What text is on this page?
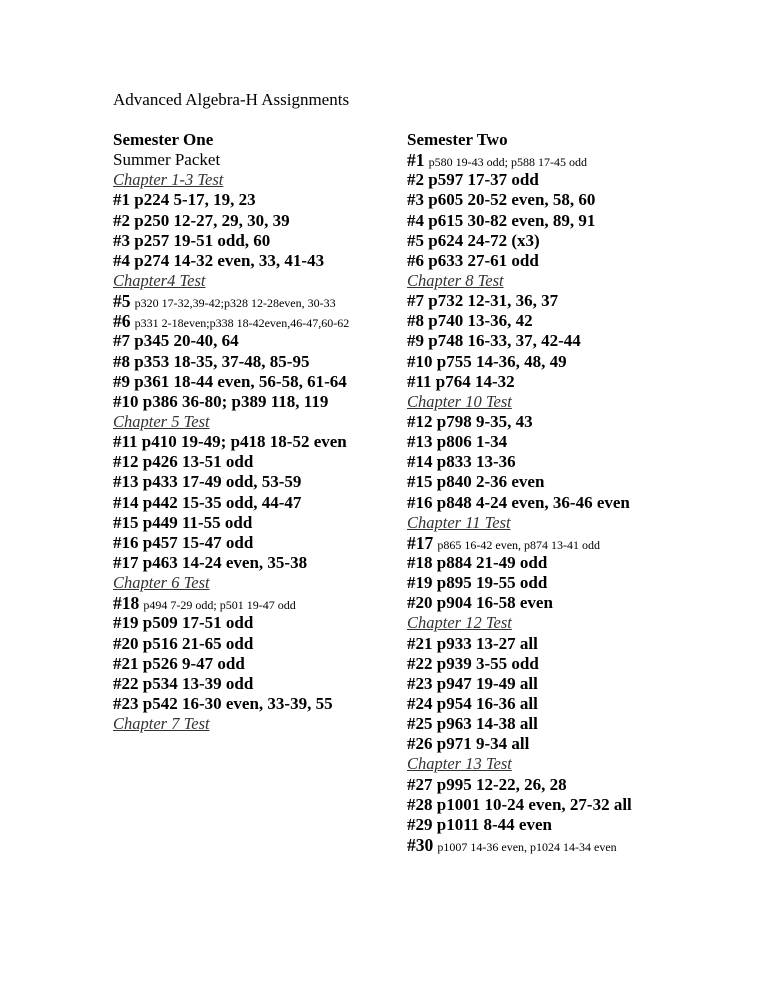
Advanced Algebra-H Assignments
Semester One
Summer Packet
Chapter 1-3 Test
#1 p224 5-17, 19, 23
#2 p250 12-27, 29, 30, 39
#3 p257 19-51 odd, 60
#4 p274 14-32 even, 33, 41-43
Chapter4 Test
#5 p320 17-32,39-42;p328 12-28even, 30-33
#6 p331 2-18even;p338 18-42even,46-47,60-62
#7 p345 20-40, 64
#8 p353 18-35, 37-48, 85-95
#9 p361 18-44 even, 56-58, 61-64
#10 p386 36-80; p389 118, 119
Chapter 5 Test
#11 p410 19-49; p418 18-52 even
#12 p426 13-51 odd
#13 p433 17-49 odd, 53-59
#14 p442 15-35 odd, 44-47
#15 p449 11-55 odd
#16 p457 15-47 odd
#17 p463 14-24 even, 35-38
Chapter 6 Test
#18 p494 7-29 odd; p501 19-47 odd
#19 p509 17-51 odd
#20 p516 21-65 odd
#21 p526 9-47 odd
#22 p534 13-39 odd
#23 p542 16-30 even, 33-39, 55
Chapter 7 Test
Semester Two
#1 p580 19-43 odd; p588 17-45 odd
#2 p597 17-37 odd
#3 p605 20-52 even, 58, 60
#4 p615 30-82 even, 89, 91
#5 p624 24-72 (x3)
#6 p633 27-61 odd
Chapter 8 Test
#7 p732 12-31, 36, 37
#8 p740 13-36, 42
#9 p748 16-33, 37, 42-44
#10 p755 14-36, 48, 49
#11 p764 14-32
Chapter 10 Test
#12 p798 9-35, 43
#13 p806 1-34
#14 p833 13-36
#15 p840 2-36 even
#16 p848 4-24 even, 36-46 even
Chapter 11 Test
#17 p865 16-42 even, p874 13-41 odd
#18 p884 21-49 odd
#19 p895 19-55 odd
#20 p904 16-58 even
Chapter 12 Test
#21 p933 13-27 all
#22 p939 3-55 odd
#23 p947 19-49 all
#24 p954 16-36 all
#25 p963 14-38 all
#26 p971 9-34 all
Chapter 13 Test
#27 p995 12-22, 26, 28
#28 p1001 10-24 even, 27-32 all
#29 p1011 8-44 even
#30 p1007 14-36 even, p1024 14-34 even
